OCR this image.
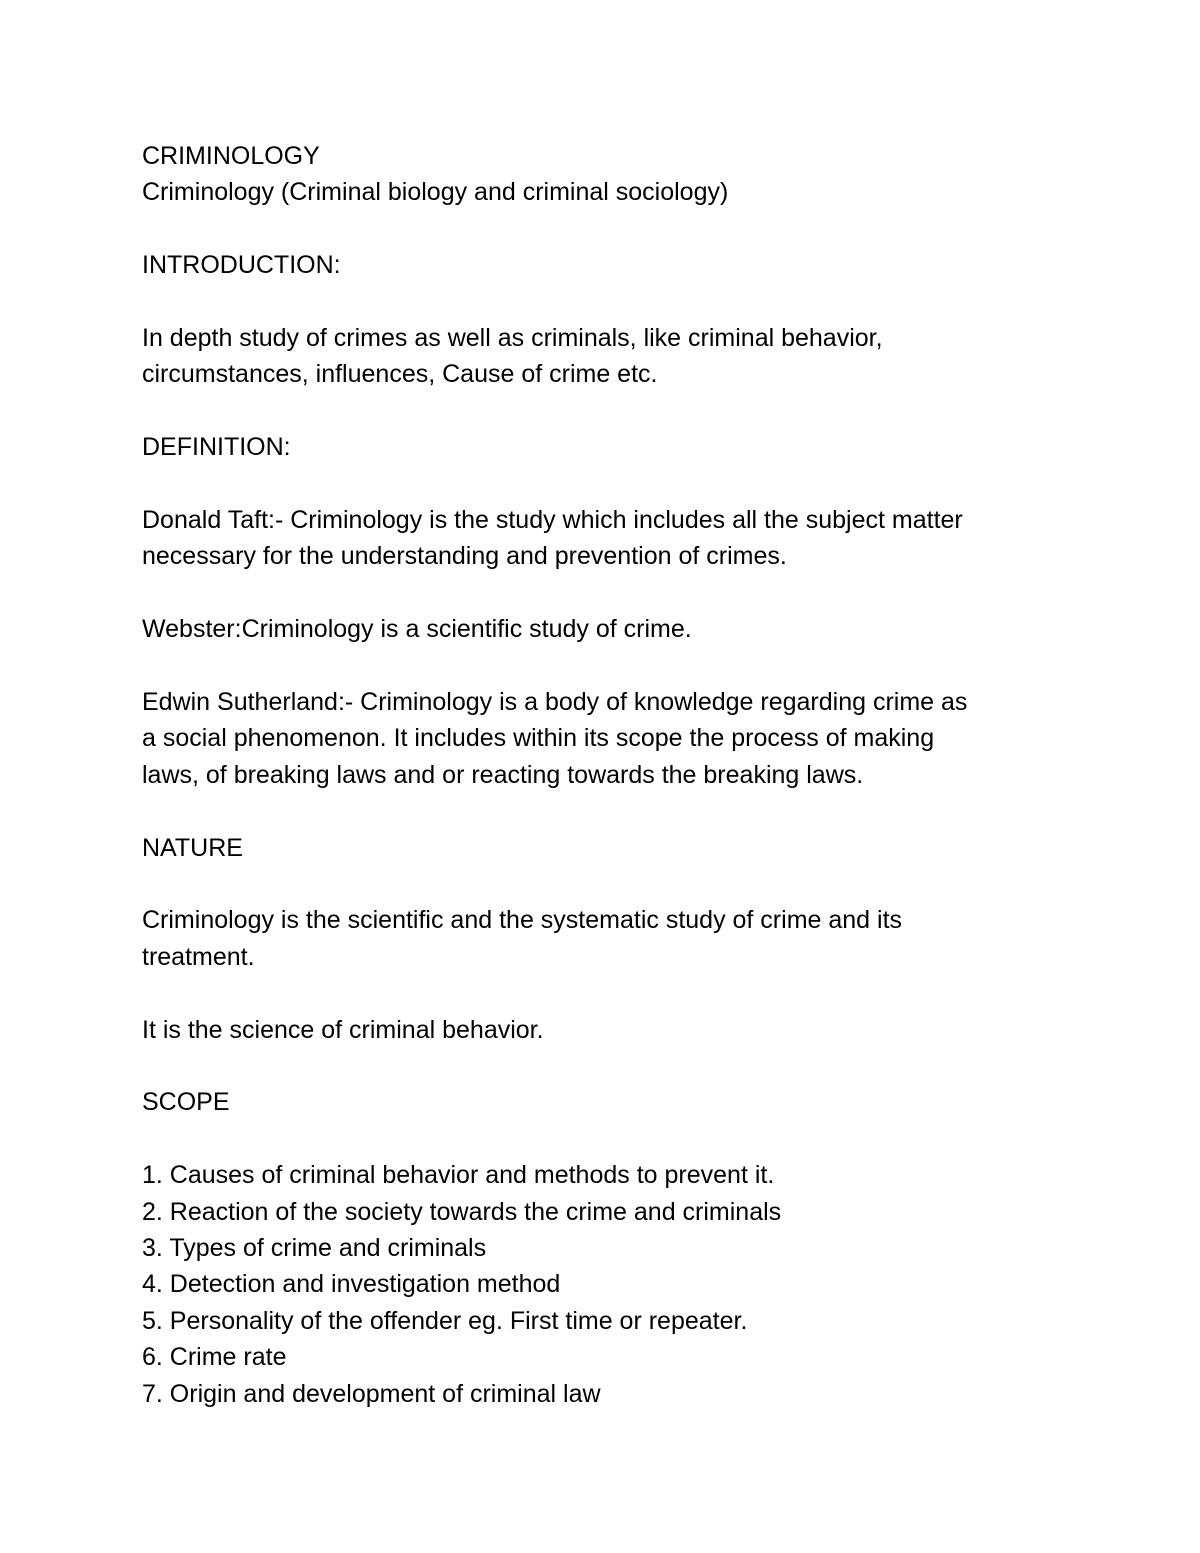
CRIMINOLOGY
Criminology (Criminal biology and criminal sociology)
INTRODUCTION:
In depth study of crimes as well as criminals, like criminal behavior,
circumstances, influences, Cause of crime etc.
DEFINITION:
Donald Taft:- Criminology is the study which includes all the subject matter
necessary for the understanding and prevention of crimes.
Webster:Criminology is a scientific study of crime.
Edwin Sutherland:- Criminology is a body of knowledge regarding crime as
a social phenomenon. It includes within its scope the process of making
laws, of breaking laws and or reacting towards the breaking laws.
NATURE
Criminology is the scientific and the systematic study of crime and its
treatment.
It is the science of criminal behavior.
SCOPE
1. Causes of criminal behavior and methods to prevent it.
2. Reaction of the society towards the crime and criminals
3. Types of crime and criminals
4. Detection and investigation method
5. Personality of the offender eg. First time or repeater.
6. Crime rate
7. Origin and development of criminal law
